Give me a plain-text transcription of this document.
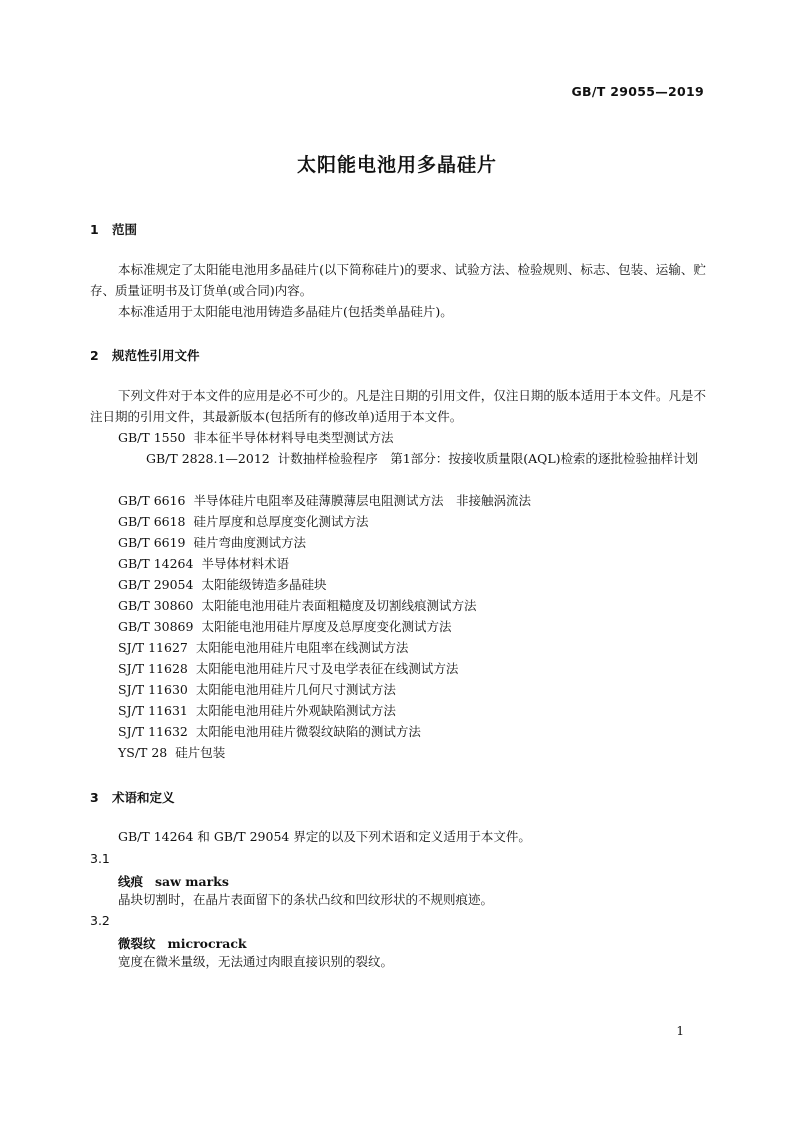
GB/T 29055—2019
太阳能电池用多晶硅片
1 范围
本标准规定了太阳能电池用多晶硅片(以下简称硅片)的要求、试验方法、检验规则、标志、包装、运输、贮存、质量证明书及订货单(或合同)内容。
本标准适用于太阳能电池用铸造多晶硅片(包括类单晶硅片)。
2 规范性引用文件
下列文件对于本文件的应用是必不可少的。凡是注日期的引用文件，仅注日期的版本适用于本文件。凡是不注日期的引用文件，其最新版本(包括所有的修改单)适用于本文件。
GB/T 1550 非本征半导体材料导电类型测试方法
GB/T 2828.1—2012 计数抽样检验程序　第1部分：按接收质量限(AQL)检索的逐批检验抽样计划
GB/T 6616 半导体硅片电阻率及硅薄膜薄层电阻测试方法　非接触涡流法
GB/T 6618 硅片厚度和总厚度变化测试方法
GB/T 6619 硅片弯曲度测试方法
GB/T 14264 半导体材料术语
GB/T 29054 太阳能级铸造多晶硅块
GB/T 30860 太阳能电池用硅片表面粗糙度及切割线痕测试方法
GB/T 30869 太阳能电池用硅片厚度及总厚度变化测试方法
SJ/T 11627 太阳能电池用硅片电阻率在线测试方法
SJ/T 11628 太阳能电池用硅片尺寸及电学表征在线测试方法
SJ/T 11630 太阳能电池用硅片几何尺寸测试方法
SJ/T 11631 太阳能电池用硅片外观缺陷测试方法
SJ/T 11632 太阳能电池用硅片微裂纹缺陷的测试方法
YS/T 28 硅片包装
3 术语和定义
GB/T 14264 和 GB/T 29054 界定的以及下列术语和定义适用于本文件。
3.1
线痕 saw marks
晶块切割时，在晶片表面留下的条状凸纹和凹纹形状的不规则痕迹。
3.2
微裂纹 microcrack
宽度在微米量级，无法通过肉眼直接识别的裂纹。
1
